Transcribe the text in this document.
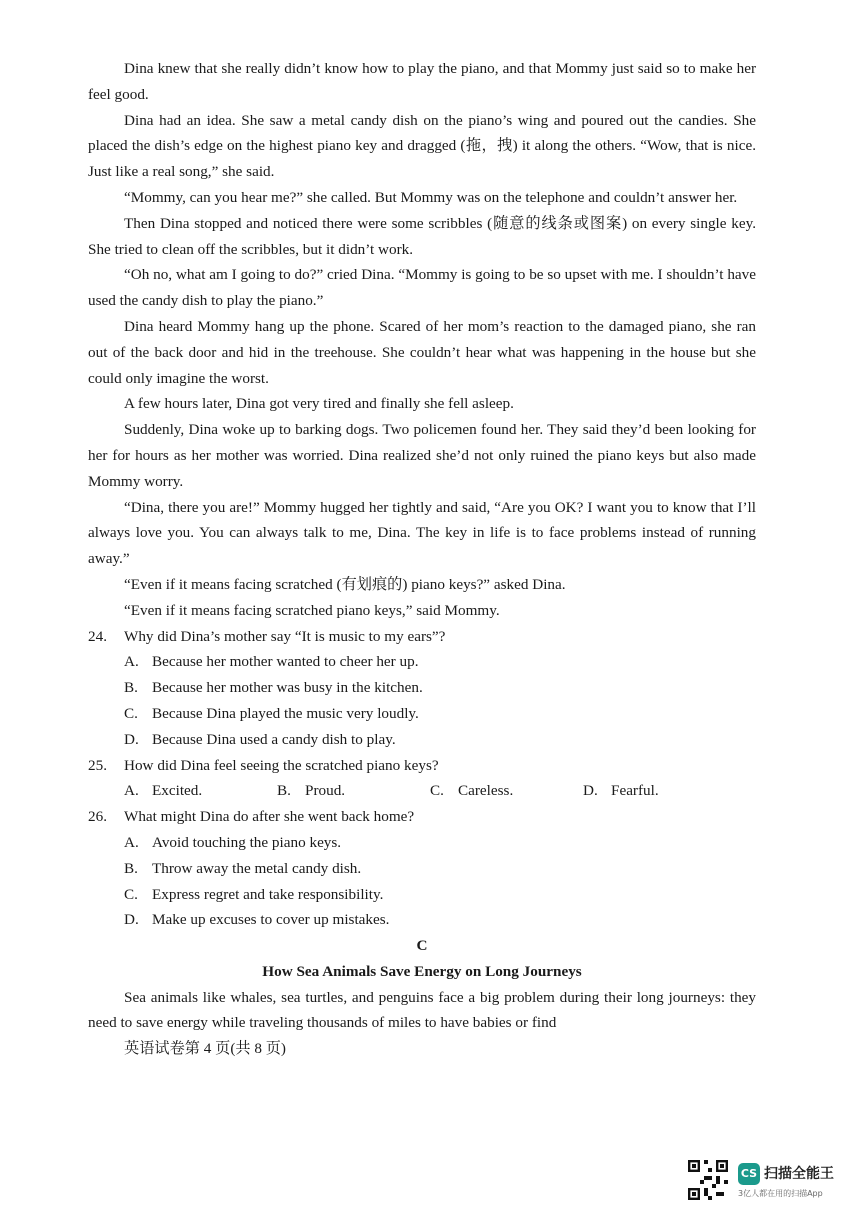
Dina knew that she really didn’t know how to play the piano, and that Mommy just said so to make her feel good.

Dina had an idea. She saw a metal candy dish on the piano’s wing and poured out the candies. She placed the dish’s edge on the highest piano key and dragged (拖，拽) it along the others. “Wow, that is nice. Just like a real song,” she said.

“Mommy, can you hear me?” she called. But Mommy was on the telephone and couldn’t answer her.

Then Dina stopped and noticed there were some scribbles (随意的线条或图案) on every single key. She tried to clean off the scribbles, but it didn’t work.

“Oh no, what am I going to do?” cried Dina. “Mommy is going to be so upset with me. I shouldn’t have used the candy dish to play the piano.”

Dina heard Mommy hang up the phone. Scared of her mom’s reaction to the damaged piano, she ran out of the back door and hid in the treehouse. She couldn’t hear what was happening in the house but she could only imagine the worst.

A few hours later, Dina got very tired and finally she fell asleep.

Suddenly, Dina woke up to barking dogs. Two policemen found her. They said they’d been looking for her for hours as her mother was worried. Dina realized she’d not only ruined the piano keys but also made Mommy worry.

“Dina, there you are!” Mommy hugged her tightly and said, “Are you OK? I want you to know that I’ll always love you. You can always talk to me, Dina. The key in life is to face problems instead of running away.”

“Even if it means facing scratched (有划痕的) piano keys?” asked Dina.

“Even if it means facing scratched piano keys,” said Mommy.

24. Why did Dina’s mother say “It is music to my ears”?

A. Because her mother wanted to cheer her up.

B. Because her mother was busy in the kitchen.

C. Because Dina played the music very loudly.

D. Because Dina used a candy dish to play.

25. How did Dina feel seeing the scratched piano keys?

A. Excited.	B. Proud.	C. Careless.	D. Fearful.

26. What might Dina do after she went back home?

A. Avoid touching the piano keys.

B. Throw away the metal candy dish.

C. Express regret and take responsibility.

D. Make up excuses to cover up mistakes.

C

How Sea Animals Save Energy on Long Journeys

Sea animals like whales, sea turtles, and penguins face a big problem during their long journeys: they need to save energy while traveling thousands of miles to have babies or find

英语试卷第 4 页(共 8 页)

CS 扫描全能王
3亿人都在用的扫描App
